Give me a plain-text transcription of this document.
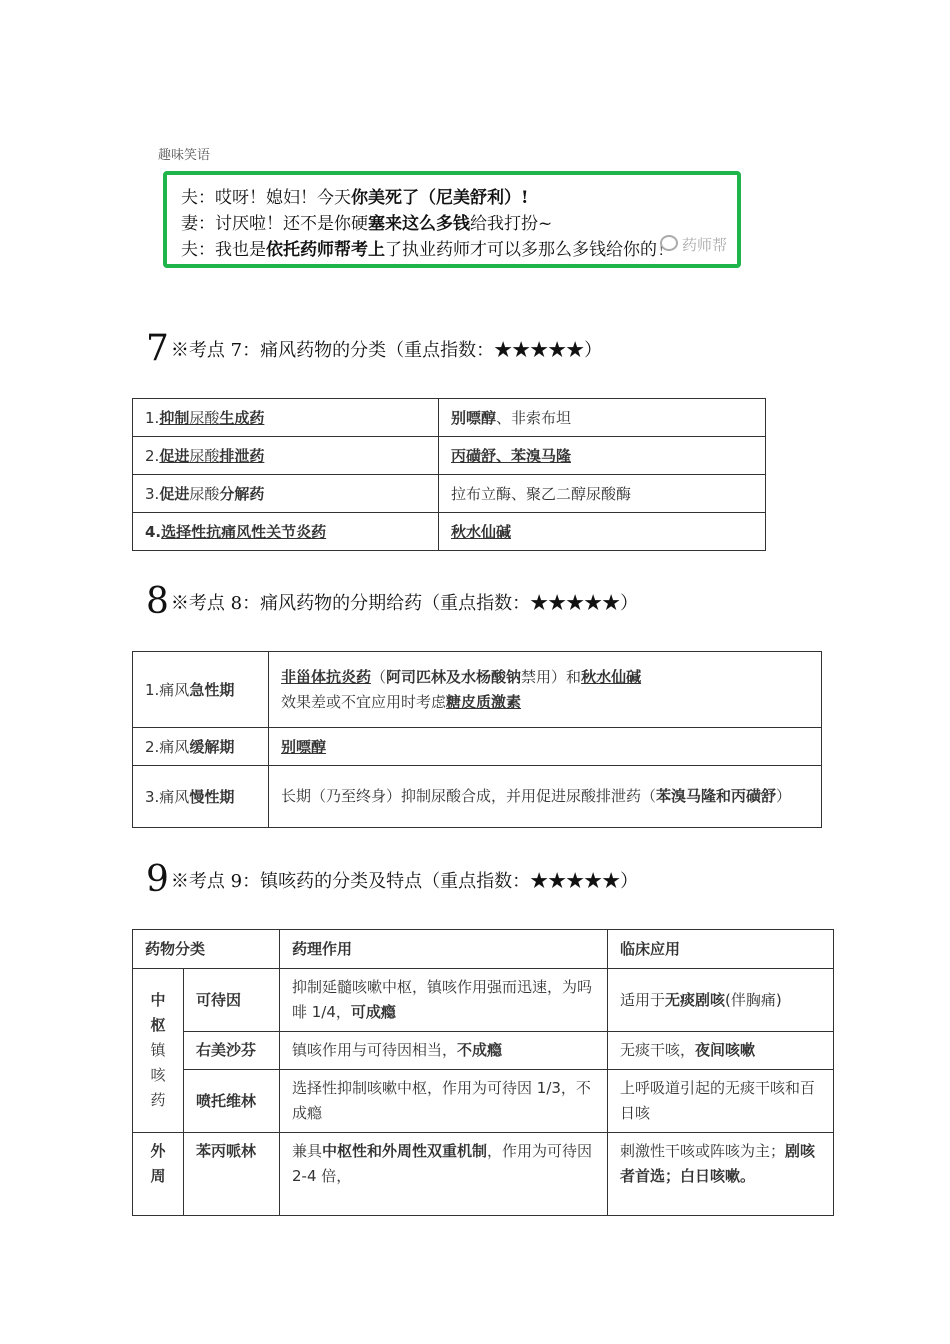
趣味笑语
夫：哎呀！媳妇！今天你美死了（尼美舒利）!
妻：讨厌啦！还不是你硬塞来这么多钱给我打扮~
夫：我也是依托药师帮考上了执业药师才可以多那么多钱给你的！ 药师帮
7 ※考点 7：痛风药物的分类（重点指数：★★★★★）
1.抑制尿酸生成药	别嘌醇、非索布坦
2.促进尿酸排泄药	丙磺舒、苯溴马隆
3.促进尿酸分解药	拉布立酶、聚乙二醇尿酸酶
4.选择性抗痛风性关节炎药	秋水仙碱
8 ※考点 8：痛风药物的分期给药（重点指数：★★★★★）
1.痛风急性期	非甾体抗炎药（阿司匹林及水杨酸钠禁用）和秋水仙碱
效果差或不宜应用时考虑糖皮质激素

2.痛风缓解期	别嘌醇
3.痛风慢性期	长期（乃至终身）抑制尿酸合成，并用促进尿酸排泄药（苯溴马隆和丙磺舒）
9 ※考点 9：镇咳药的分类及特点（重点指数：★★★★★）
药物分类		药理作用	临床应用

中
枢
镇
咳
药	可待因	抑制延髓咳嗽中枢，镇咳作用强而迅速，为吗啡 1/4，可成瘾	适用于无痰剧咳(伴胸痛)
	右美沙芬	镇咳作用与可待因相当，不成瘾	无痰干咳，夜间咳嗽
	喷托维林	选择性抑制咳嗽中枢，作用为可待因 1/3，不成瘾	上呼吸道引起的无痰干咳和百日咳

外
周	苯丙哌林	兼具中枢性和外周性双重机制，作用为可待因 2-4 倍，	刺激性干咳或阵咳为主；剧咳者首选；白日咳嗽。
